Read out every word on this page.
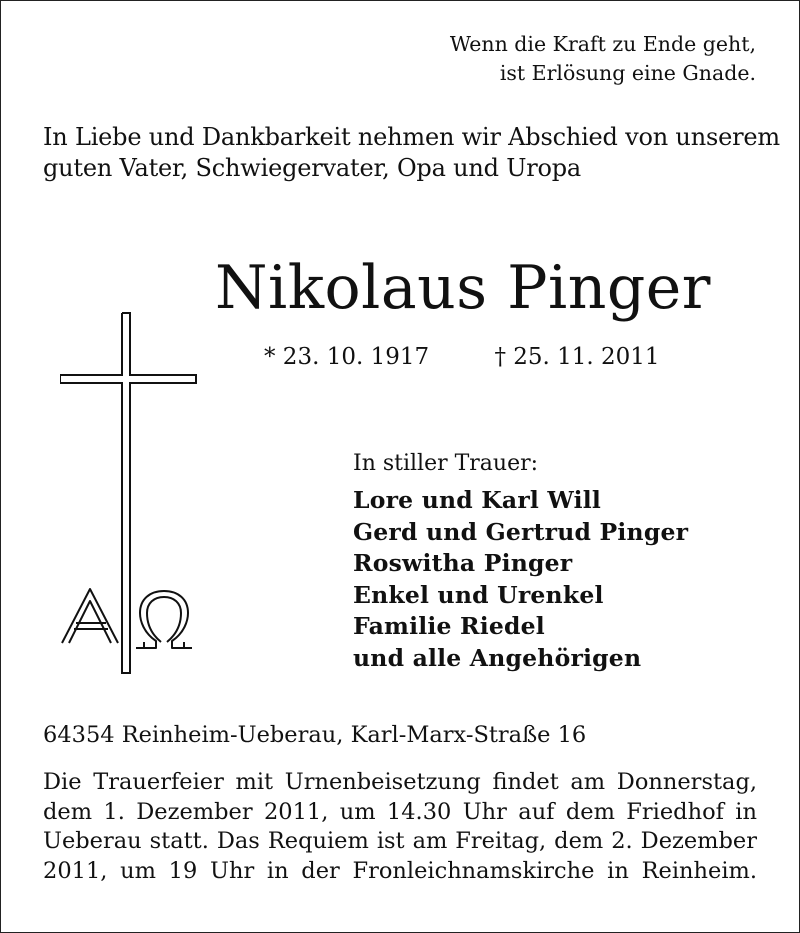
Wenn die Kraft zu Ende geht,
ist Erlösung eine Gnade.
In Liebe und Dankbarkeit nehmen wir Abschied von unserem
guten Vater, Schwiegervater, Opa und Uropa
Nikolaus Pinger
* 23. 10. 1917	† 25. 11. 2011
In stiller Trauer:
Lore und Karl Will
Gerd und Gertrud Pinger
Roswitha Pinger
Enkel und Urenkel
Familie Riedel
und alle Angehörigen
64354 Reinheim-Ueberau, Karl-Marx-Straße 16

Die Trauerfeier mit Urnenbeisetzung findet am Donnerstag, dem 1. Dezember 2011, um 14.30 Uhr auf dem Friedhof in Ueberau statt. Das Requiem ist am Freitag, dem 2. Dezember 2011, um 19 Uhr in der Fronleichnamskirche in Reinheim.
